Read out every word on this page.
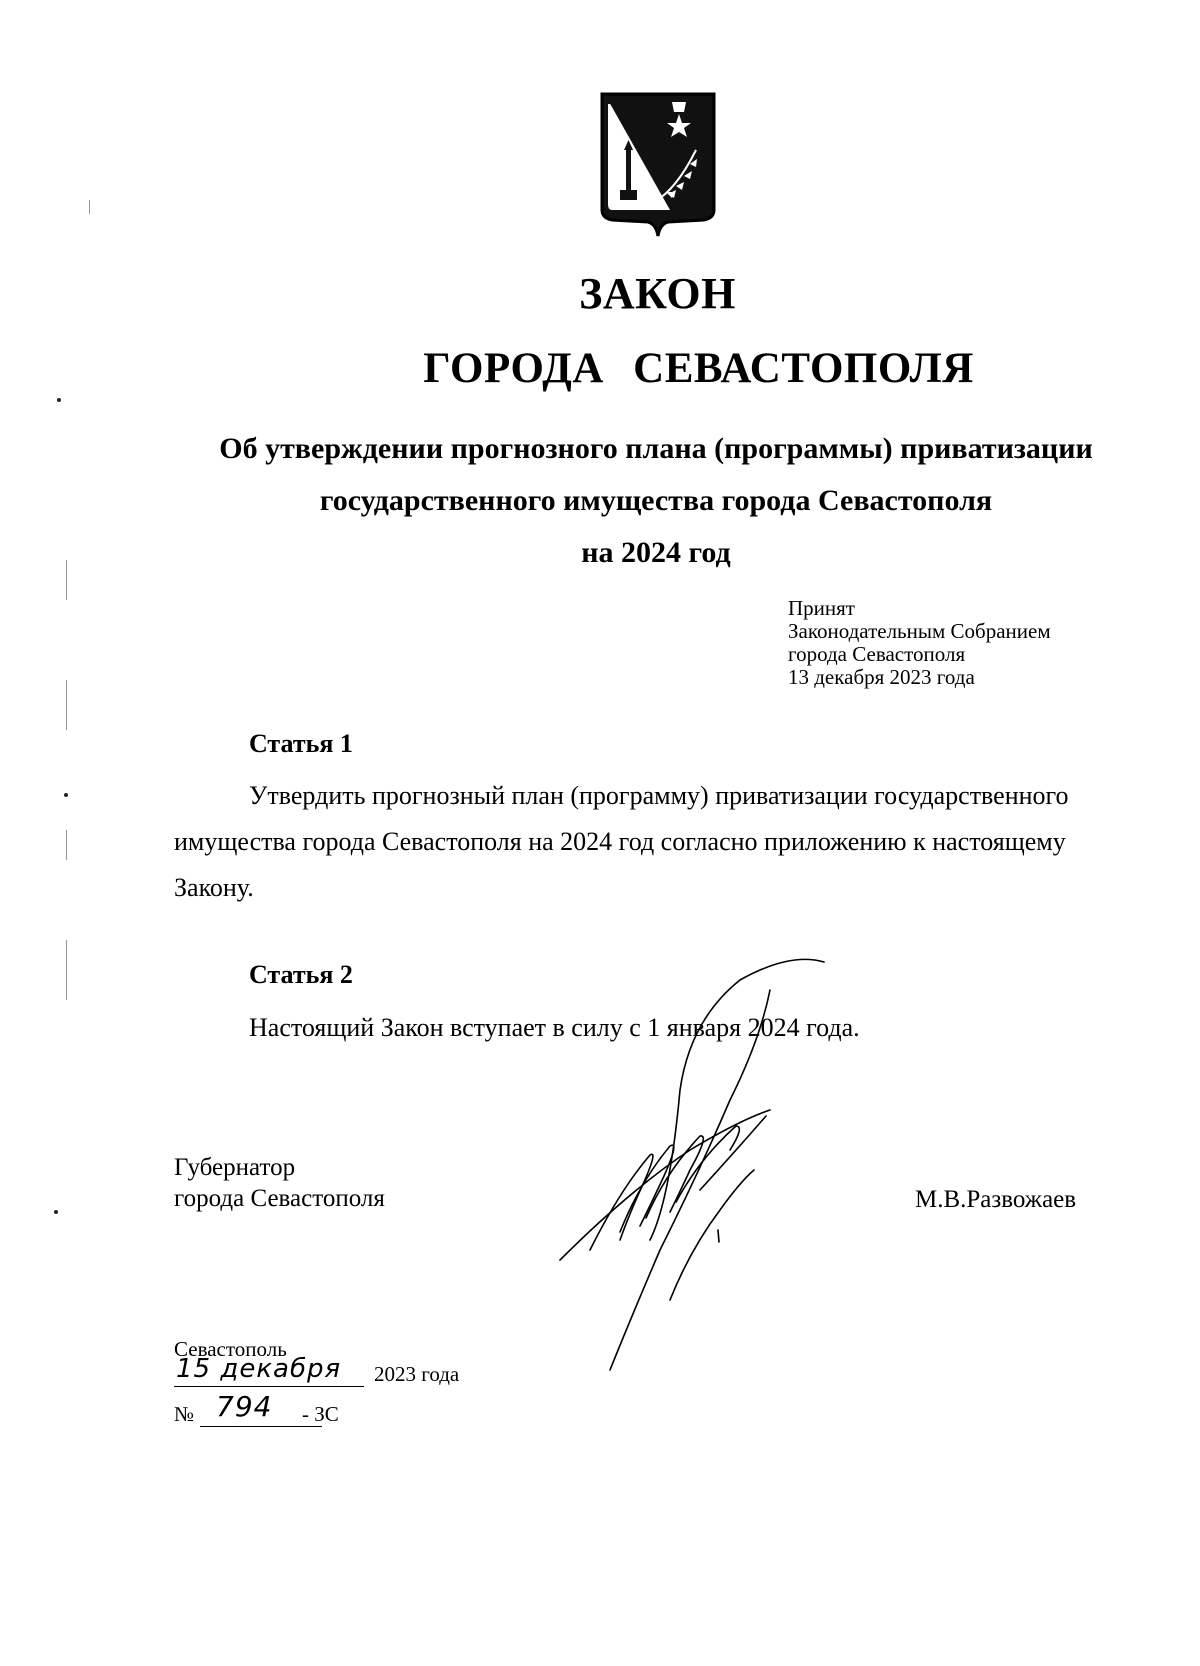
ЗАКОН
ГОРОДА СЕВАСТОПОЛЯ
Об утверждении прогнозного плана (программы) приватизации
государственного имущества города Севастополя
на 2024 год
Принят
Законодательным Собранием
города Севастополя
13 декабря 2023 года
Статья 1
Утвердить прогнозный план (программу) приватизации государственного
имущества города Севастополя на 2024 год согласно приложению к настоящему
Закону.
Статья 2
Настоящий Закон вступает в силу с 1 января 2024 года.
Губернатор
города Севастополя	М.В.Развожаев
Севастополь
15 декабря 2023 года
№ 794 - ЗС
